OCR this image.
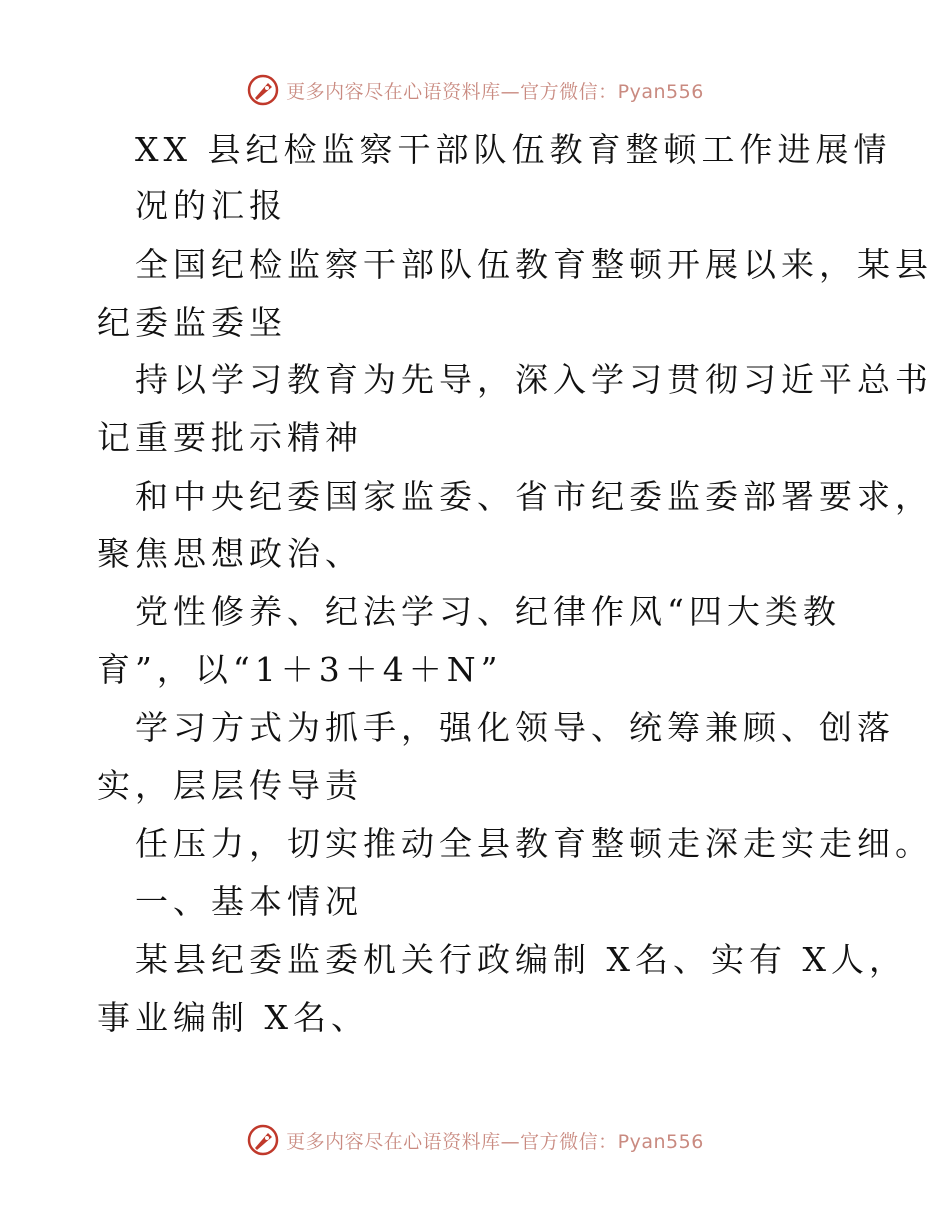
更多内容尽在心语资料库—官方微信：Pyan556
XX 县纪检监察干部队伍教育整顿工作进展情
况的汇报
全国纪检监察干部队伍教育整顿开展以来，某县
纪委监委坚
持以学习教育为先导，深入学习贯彻习近平总书
记重要批示精神
和中央纪委国家监委、省市纪委监委部署要求，
聚焦思想政治、
党性修养、纪法学习、纪律作风“四大类教
育”，以“1＋3＋4＋N”
学习方式为抓手，强化领导、统筹兼顾、创落
实，层层传导责
任压力，切实推动全县教育整顿走深走实走细。
一、基本情况
某县纪委监委机关行政编制 X名、实有 X人，
事业编制 X名、
更多内容尽在心语资料库—官方微信：Pyan556
